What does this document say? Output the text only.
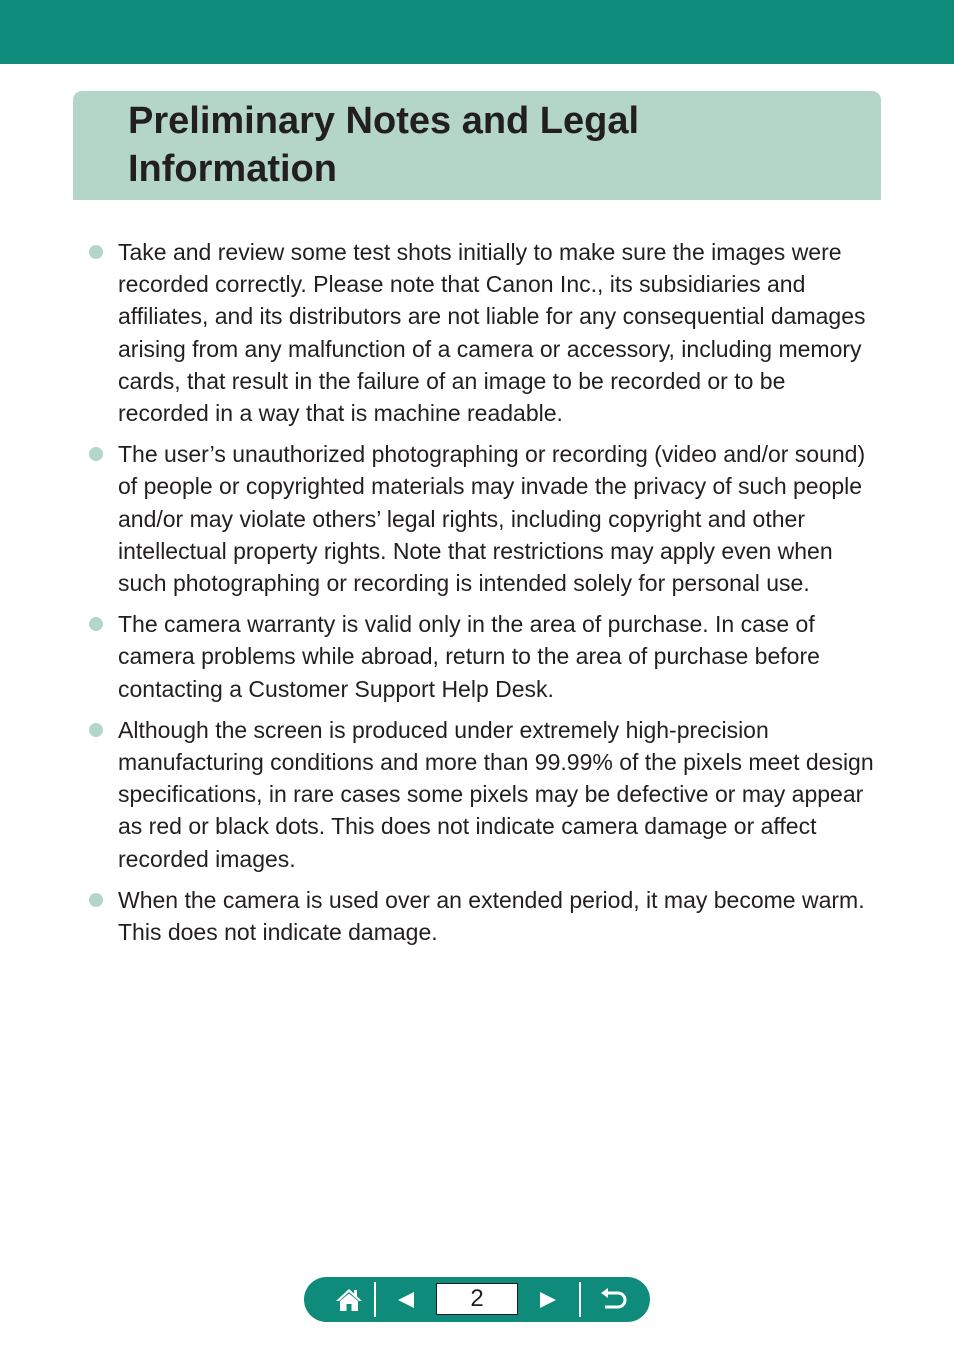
Preliminary Notes and Legal Information
Take and review some test shots initially to make sure the images were recorded correctly. Please note that Canon Inc., its subsidiaries and affiliates, and its distributors are not liable for any consequential damages arising from any malfunction of a camera or accessory, including memory cards, that result in the failure of an image to be recorded or to be recorded in a way that is machine readable.
The user’s unauthorized photographing or recording (video and/or sound) of people or copyrighted materials may invade the privacy of such people and/or may violate others’ legal rights, including copyright and other intellectual property rights. Note that restrictions may apply even when such photographing or recording is intended solely for personal use.
The camera warranty is valid only in the area of purchase. In case of camera problems while abroad, return to the area of purchase before contacting a Customer Support Help Desk.
Although the screen is produced under extremely high-precision manufacturing conditions and more than 99.99% of the pixels meet design specifications, in rare cases some pixels may be defective or may appear as red or black dots. This does not indicate camera damage or affect recorded images.
When the camera is used over an extended period, it may become warm. This does not indicate damage.
2
